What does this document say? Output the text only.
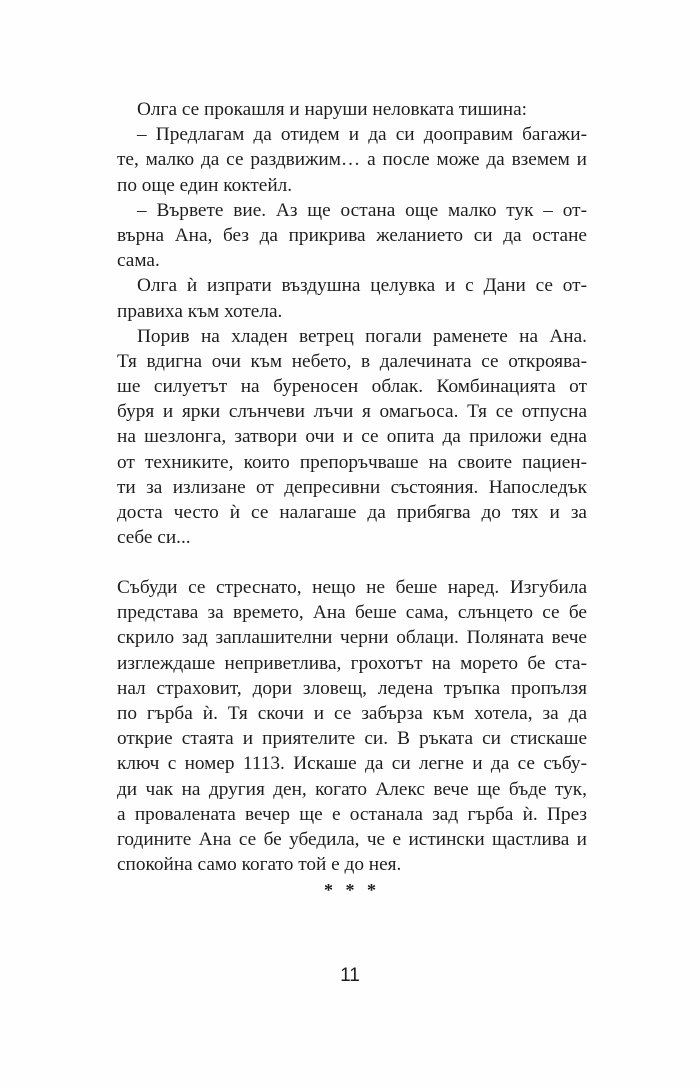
Олга се прокашля и наруши неловката тишина:
– Предлагам да отидем и да си дооправим багажи-
те, малко да се раздвижим… а после може да вземем и
по още един коктейл.
– Вървете вие. Аз ще остана още малко тук – от-
върна Ана, без да прикрива желанието си да остане
сама.
Олга ѝ изпрати въздушна целувка и с Дани се от-
правиха към хотела.
Порив на хладен ветрец погали раменете на Ана.
Тя вдигна очи към небето, в далечината се откроява-
ше силуетът на буреносен облак. Комбинацията от
буря и ярки слънчеви лъчи я омагьоса. Тя се отпусна
на шезлонга, затвори очи и се опита да приложи една
от техниките, които препоръчваше на своите пациен-
ти за излизане от депресивни състояния. Напоследък
доста често ѝ се налагаше да прибягва до тях и за
себе си...
Събуди се стреснато, нещо не беше наред. Изгубила
представа за времето, Ана беше сама, слънцето се бе
скрило зад заплашителни черни облаци. Поляната вече
изглеждаше неприветлива, грохотът на морето бе ста-
нал страховит, дори зловещ, ледена тръпка пропълзя
по гърба ѝ. Тя скочи и се забърза към хотела, за да
открие стаята и приятелите си. В ръката си стискаше
ключ с номер 1113. Искаше да си легне и да се събу-
ди чак на другия ден, когато Алекс вече ще бъде тук,
а провалената вечер ще е останала зад гърба ѝ. През
годините Ана се бе убедила, че е истински щастлива и
спокойна само когато той е до нея.
* * *
11
